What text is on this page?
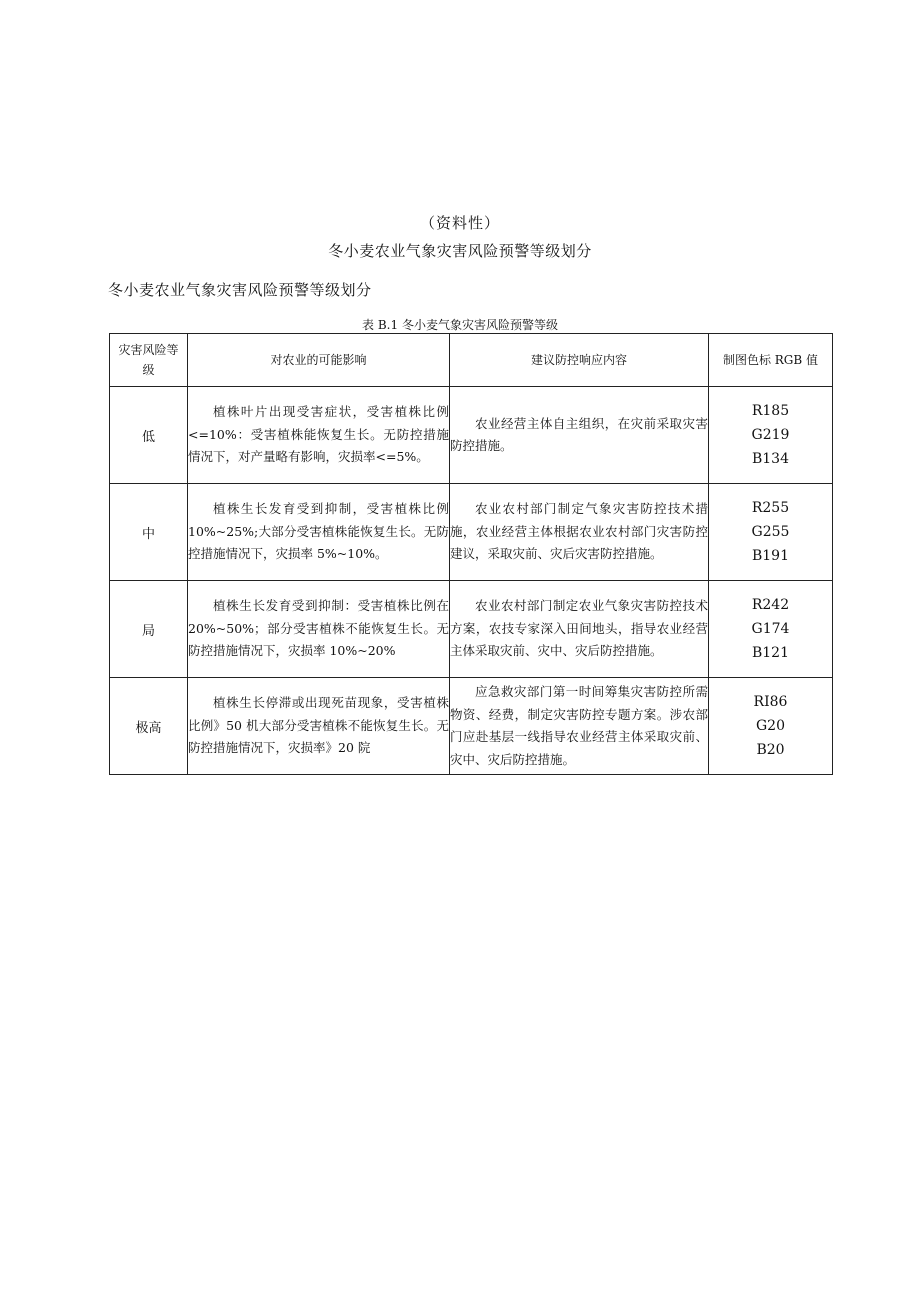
（资料性）
冬小麦农业气象灾害风险预警等级划分
冬小麦农业气象灾害风险预警等级划分
表 B.1 冬小麦气象灾害风险预警等级
灾害风险等级	对农业的可能影响	建议防控响应内容	制图色标 RGB 值
低	植株叶片出现受害症状，受害植株比例<=10%：受害植株能恢复生长。无防控措施情况下，对产量略有影响，灾损率<=5%。	农业经营主体自主组织，在灾前采取灾害防控措施。	R185
G219
B134

中	植株生长发育受到抑制，受害植株比例10%~25%;大部分受害植株能恢复生长。无防控措施情况下，灾损率 5%~10%。	农业农村部门制定气象灾害防控技术措施，农业经营主体根据农业农村部门灾害防控建议，采取灾前、灾后灾害防控措施。	R255
G255
B191

局	植株生长发育受到抑制：受害植株比例在 20%~50%；部分受害植株不能恢复生长。无防控措施情况下，灾损率 10%~20%	农业农村部门制定农业气象灾害防控技术方案，农技专家深入田间地头，指导农业经营主体采取灾前、灾中、灾后防控措施。	R242
G174
B121

极高	植株生长停滞或出现死苗现象，受害植株比例》50 机大部分受害植株不能恢复生长。无防控措施情况下，灾损率》20 院	应急救灾部门第一时间筹集灾害防控所需物资、经费，制定灾害防控专题方案。涉农部门应赴基层一线指导农业经营主体采取灾前、灾中、灾后防控措施。	RI86
G20
B20
